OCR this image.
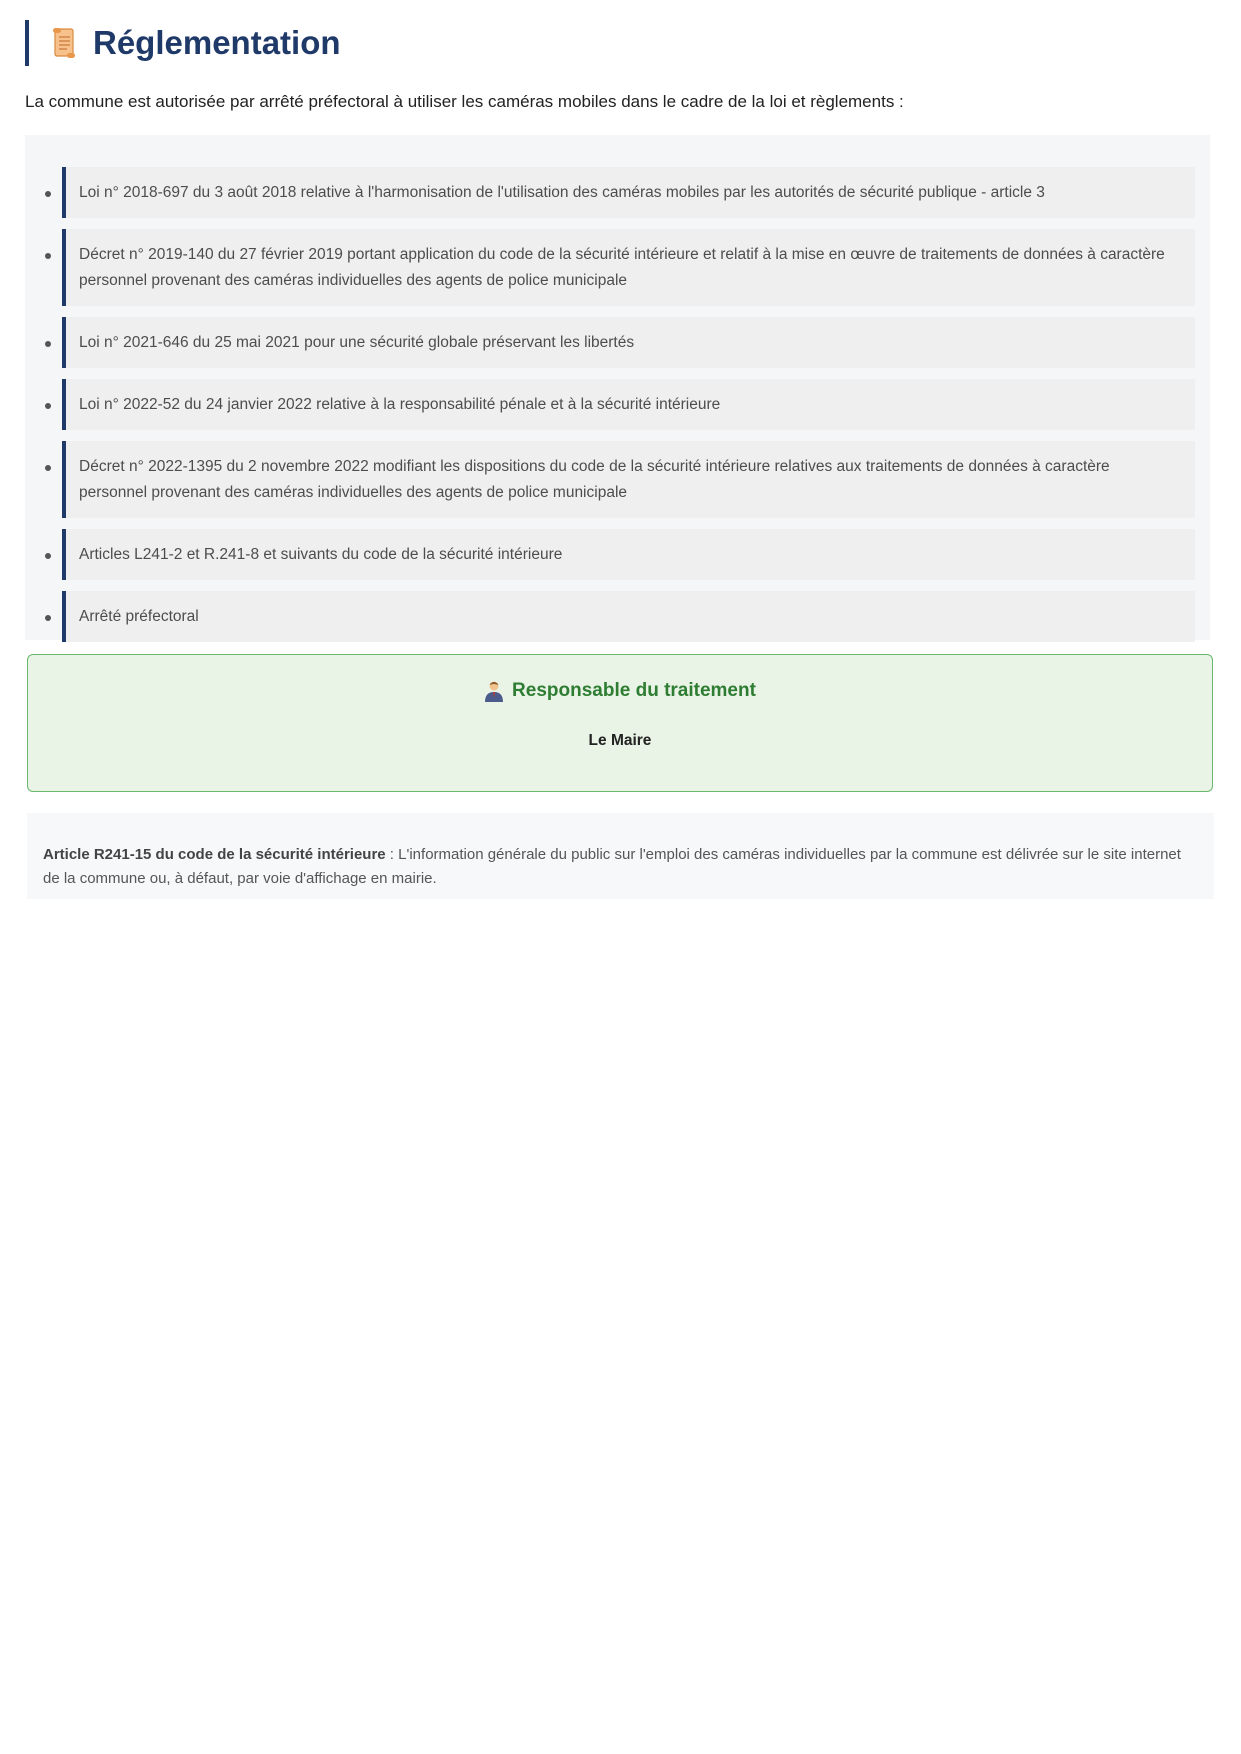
Réglementation
La commune est autorisée par arrêté préfectoral à utiliser les caméras mobiles dans le cadre de la loi et règlements :
Loi n° 2018-697 du 3 août 2018 relative à l'harmonisation de l'utilisation des caméras mobiles par les autorités de sécurité publique - article 3
Décret n° 2019-140 du 27 février 2019 portant application du code de la sécurité intérieure et relatif à la mise en œuvre de traitements de données à caractère personnel provenant des caméras individuelles des agents de police municipale
Loi n° 2021-646 du 25 mai 2021 pour une sécurité globale préservant les libertés
Loi n° 2022-52 du 24 janvier 2022 relative à la responsabilité pénale et à la sécurité intérieure
Décret n° 2022-1395 du 2 novembre 2022 modifiant les dispositions du code de la sécurité intérieure relatives aux traitements de données à caractère personnel provenant des caméras individuelles des agents de police municipale
Articles L241-2 et R.241-8 et suivants du code de la sécurité intérieure
Arrêté préfectoral
Responsable du traitement
Le Maire
Article R241-15 du code de la sécurité intérieure : L'information générale du public sur l'emploi des caméras individuelles par la commune est délivrée sur le site internet de la commune ou, à défaut, par voie d'affichage en mairie.
